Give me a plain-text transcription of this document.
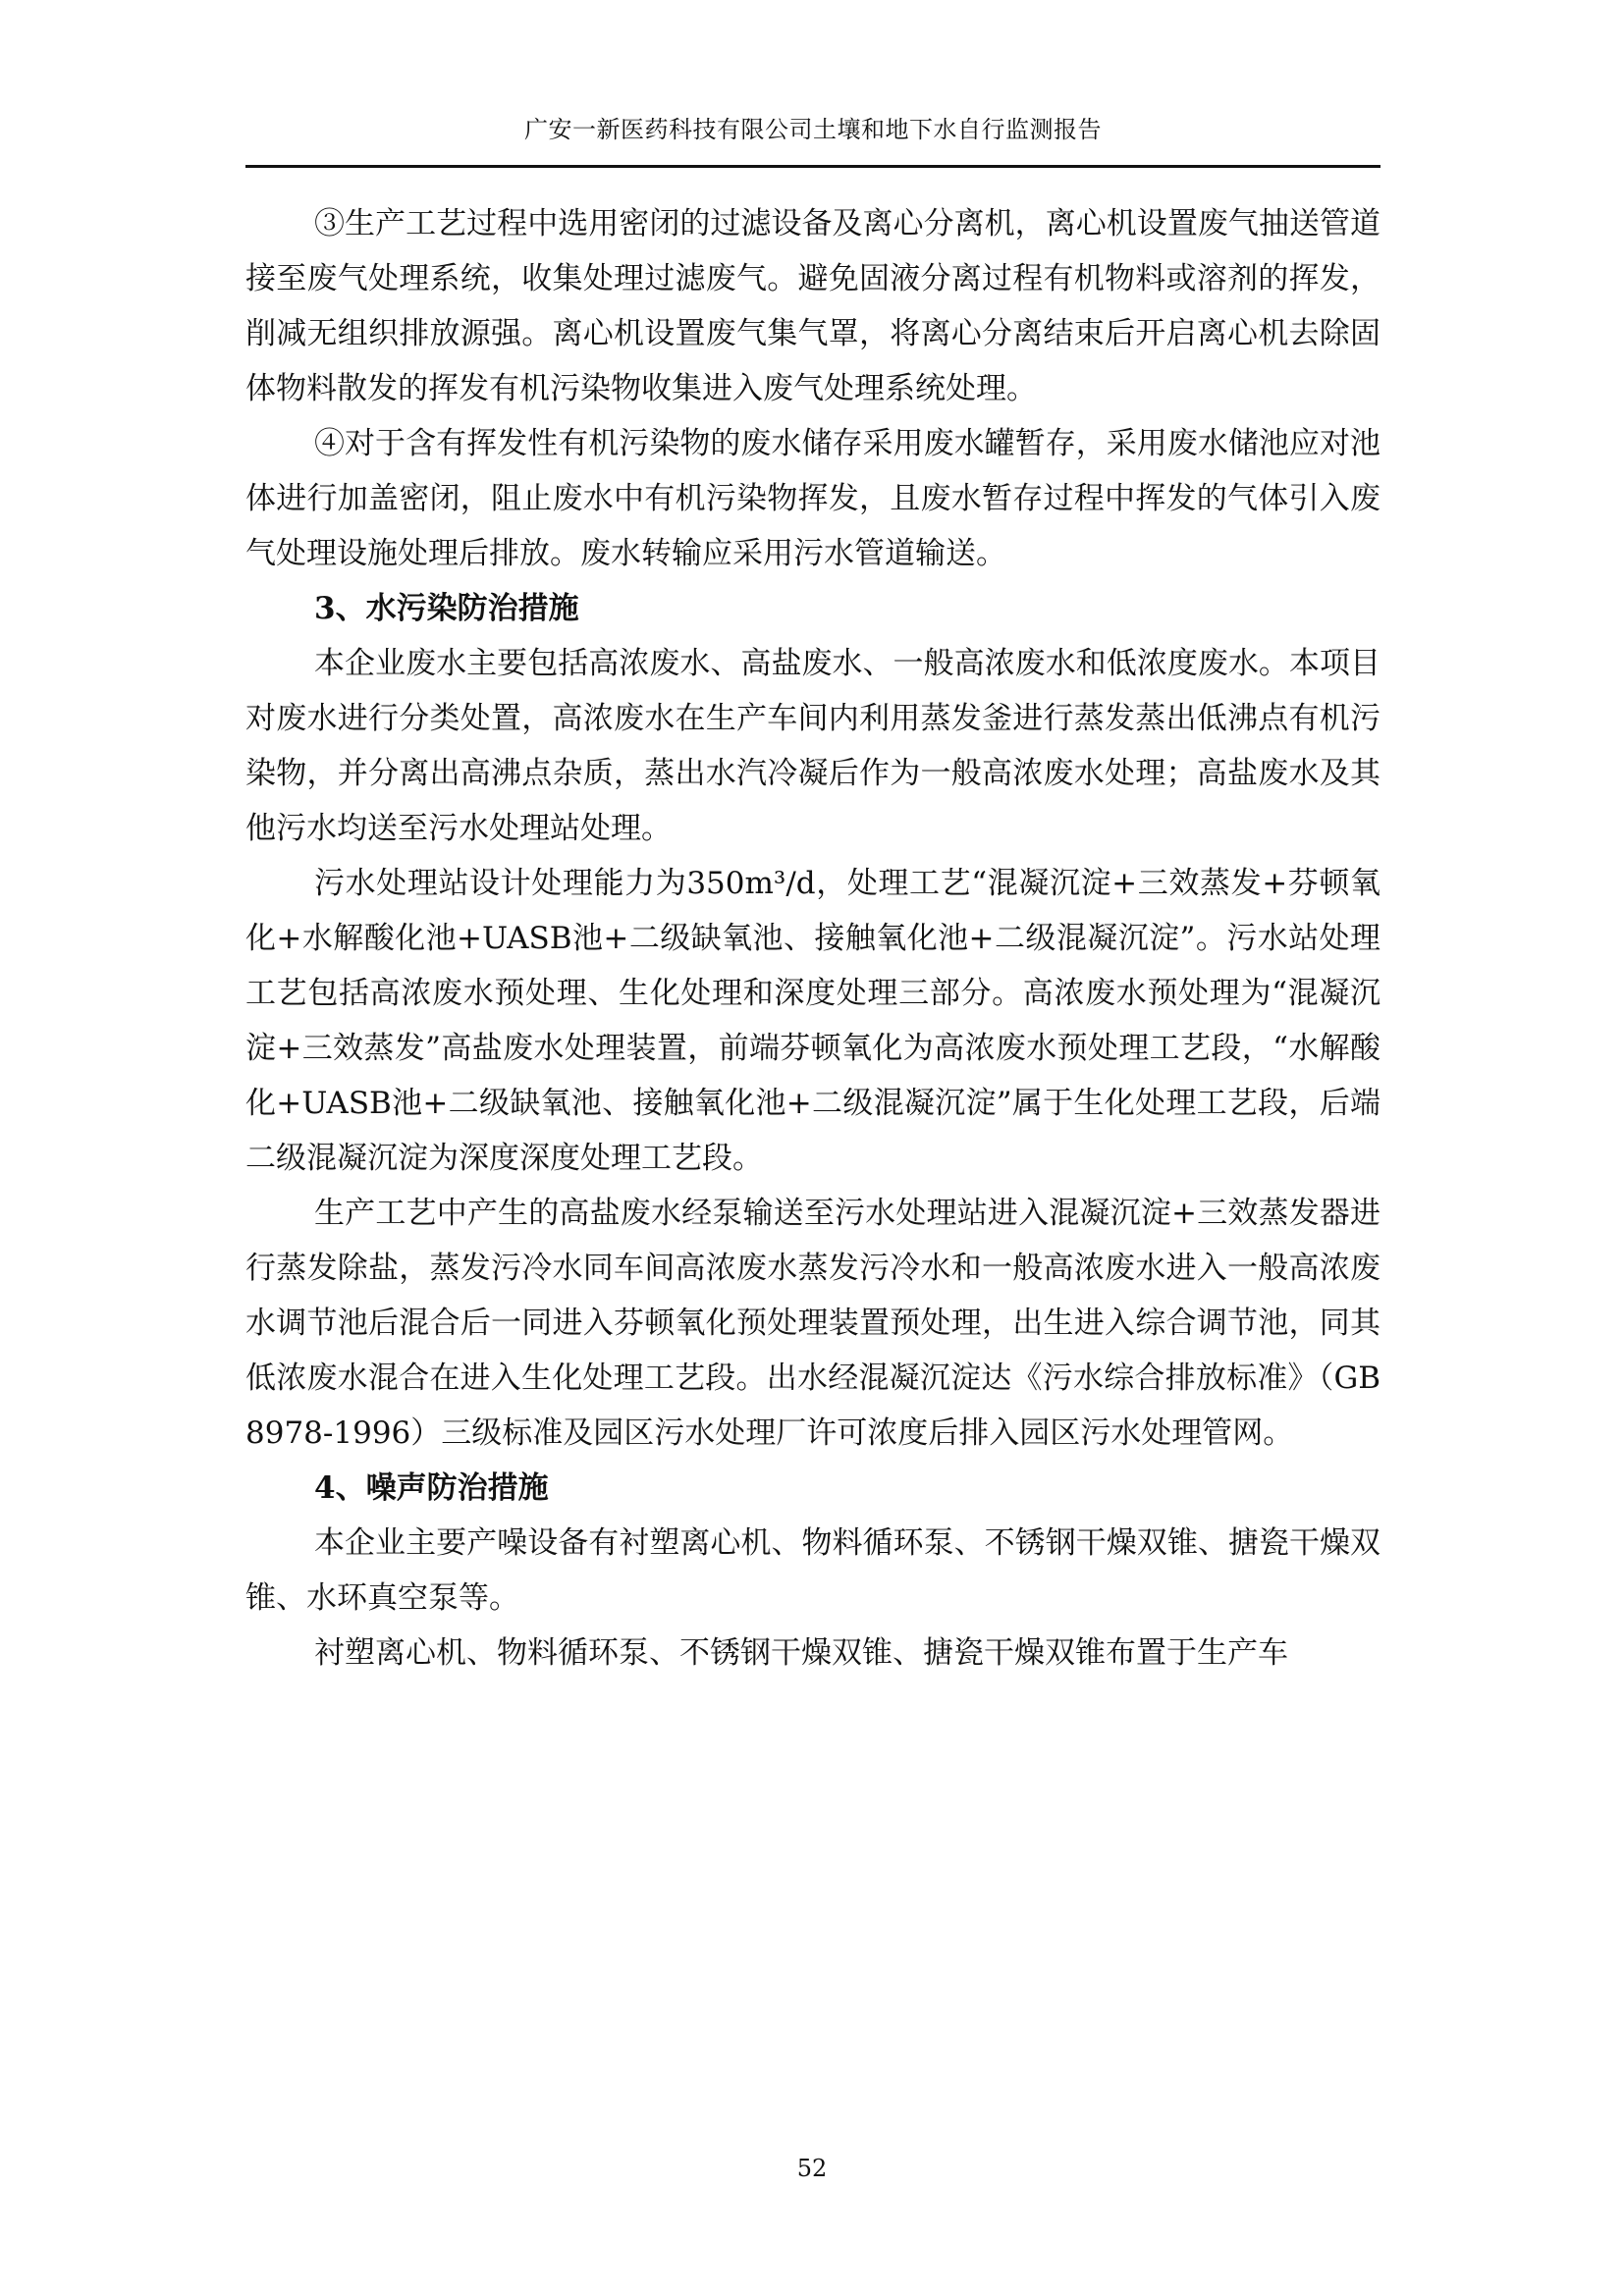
广安一新医药科技有限公司土壤和地下水自行监测报告

③生产工艺过程中选用密闭的过滤设备及离心分离机，离心机设置废气抽送管道接至废气处理系统，收集处理过滤废气。避免固液分离过程有机物料或溶剂的挥发，削减无组织排放源强。离心机设置废气集气罩，将离心分离结束后开启离心机去除固体物料散发的挥发有机污染物收集进入废气处理系统处理。

④对于含有挥发性有机污染物的废水储存采用废水罐暂存，采用废水储池应对池体进行加盖密闭，阻止废水中有机污染物挥发，且废水暂存过程中挥发的气体引入废气处理设施处理后排放。废水转输应采用污水管道输送。

3、水污染防治措施

本企业废水主要包括高浓废水、高盐废水、一般高浓废水和低浓度废水。本项目对废水进行分类处置，高浓废水在生产车间内利用蒸发釜进行蒸发蒸出低沸点有机污染物，并分离出高沸点杂质，蒸出水汽冷凝后作为一般高浓废水处理；高盐废水及其他污水均送至污水处理站处理。

污水处理站设计处理能力为350m³/d，处理工艺“混凝沉淀+三效蒸发+芬顿氧化+水解酸化池+UASB池+二级缺氧池、接触氧化池+二级混凝沉淀”。污水站处理工艺包括高浓废水预处理、生化处理和深度处理三部分。高浓废水预处理为“混凝沉淀+三效蒸发”高盐废水处理装置，前端芬顿氧化为高浓废水预处理工艺段，“水解酸化+UASB池+二级缺氧池、接触氧化池+二级混凝沉淀”属于生化处理工艺段，后端二级混凝沉淀为深度深度处理工艺段。

生产工艺中产生的高盐废水经泵输送至污水处理站进入混凝沉淀+三效蒸发器进行蒸发除盐，蒸发污冷水同车间高浓废水蒸发污冷水和一般高浓废水进入一般高浓废水调节池后混合后一同进入芬顿氧化预处理装置预处理，出生进入综合调节池，同其低浓废水混合在进入生化处理工艺段。出水经混凝沉淀达《污水综合排放标准》（GB 8978-1996）三级标准及园区污水处理厂许可浓度后排入园区污水处理管网。

4、噪声防治措施

本企业主要产噪设备有衬塑离心机、物料循环泵、不锈钢干燥双锥、搪瓷干燥双锥、水环真空泵等。

衬塑离心机、物料循环泵、不锈钢干燥双锥、搪瓷干燥双锥布置于生产车

52
